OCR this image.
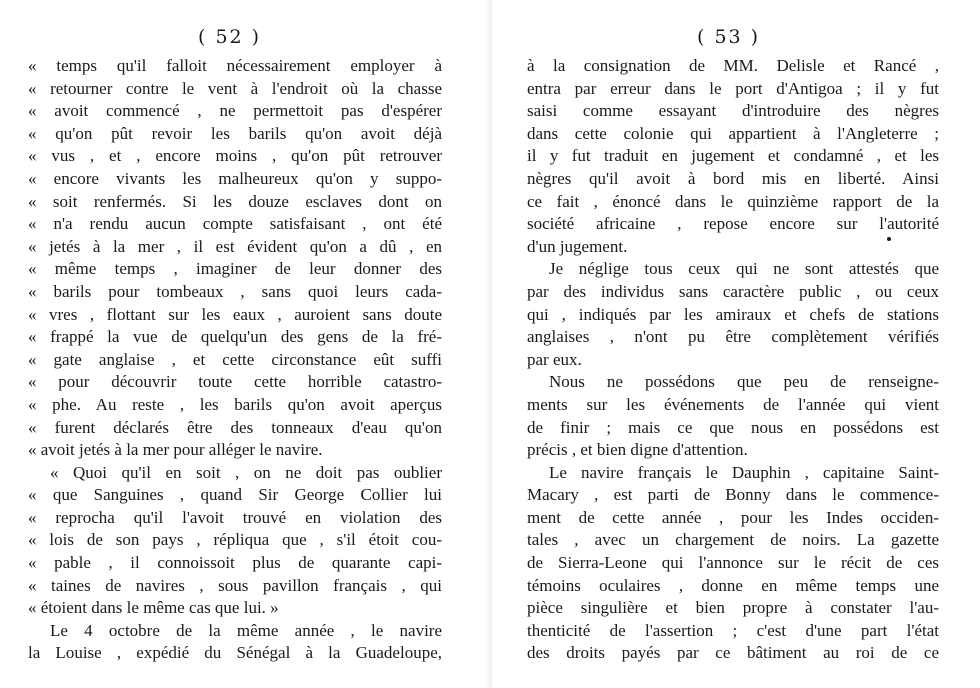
( 52 )
« temps qu'il falloit nécessairement employer à
« retourner contre le vent à l'endroit où la chasse
« avoit commencé , ne permettoit pas d'espérer
« qu'on pût revoir les barils qu'on avoit déjà
« vus , et , encore moins , qu'on pût retrouver
« encore vivants les malheureux qu'on y suppo-
« soit renfermés. Si les douze esclaves dont on
« n'a rendu aucun compte satisfaisant , ont été
« jetés à la mer , il est évident qu'on a dû , en
« même temps , imaginer de leur donner des
« barils pour tombeaux , sans quoi leurs cada-
« vres , flottant sur les eaux , auroient sans doute
« frappé la vue de quelqu'un des gens de la fré-
« gate anglaise , et cette circonstance eût suffi
« pour découvrir toute cette horrible catastro-
« phe. Au reste , les barils qu'on avoit aperçus
« furent déclarés être des tonneaux d'eau qu'on
« avoit jetés à la mer pour alléger le navire.
« Quoi qu'il en soit , on ne doit pas oublier
« que Sanguines , quand Sir George Collier lui
« reprocha qu'il l'avoit trouvé en violation des
« lois de son pays , répliqua que , s'il étoit cou-
« pable , il connoissoit plus de quarante capi-
« taines de navires , sous pavillon français , qui
« étoient dans le même cas que lui. »
Le 4 octobre de la même année , le navire
la Louise , expédié du Sénégal à la Guadeloupe,
( 53 )
à la consignation de MM. Delisle et Rancé ,
entra par erreur dans le port d'Antigoa ; il y fut
saisi comme essayant d'introduire des nègres
dans cette colonie qui appartient à l'Angleterre ;
il y fut traduit en jugement et condamné , et les
nègres qu'il avoit à bord mis en liberté. Ainsi
ce fait , énoncé dans le quinzième rapport de la
société africaine , repose encore sur l'autorité
d'un jugement.
Je néglige tous ceux qui ne sont attestés que
par des individus sans caractère public , ou ceux
qui , indiqués par les amiraux et chefs de stations
anglaises , n'ont pu être complètement vérifiés
par eux.
Nous ne possédons que peu de renseigne-
ments sur les événements de l'année qui vient
de finir ; mais ce que nous en possédons est
précis , et bien digne d'attention.
Le navire français le Dauphin , capitaine Saint-
Macary , est parti de Bonny dans le commence-
ment de cette année , pour les Indes occiden-
tales , avec un chargement de noirs. La gazette
de Sierra-Leone qui l'annonce sur le récit de ces
témoins oculaires , donne en même temps une
pièce singulière et bien propre à constater l'au-
thenticité de l'assertion ; c'est d'une part l'état
des droits payés par ce bâtiment au roi de ce
